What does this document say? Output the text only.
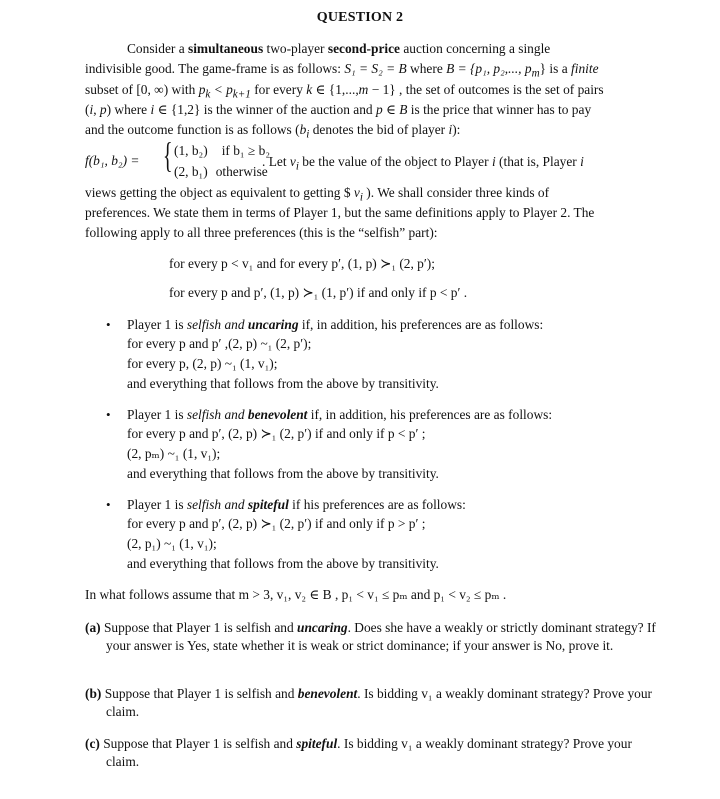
QUESTION 2
Consider a simultaneous two-player second-price auction concerning a single
indivisible good. The game-frame is as follows: S₁ = S₂ = B where B = {p₁, p₂,..., $p_m$} is a finite
subset of [0, ∞) with $p_k < p_{k+1}$ for every k ∈ {1,...,m − 1} , the set of outcomes is the set of pairs
(i, p) where i ∈ {1,2} is the winner of the auction and p ∈ B is the price that winner has to pay
and the outcome function is as follows ($b_i$ denotes the bid of player i):
f(b₁, b₂) = { (1, b₂) if b₁ ≥ b₂
(2, b₁) otherwise
. Let $v_i$ be the value of the object to Player i (that is, Player i
views getting the object as equivalent to getting $ $v_i$ ). We shall consider three kinds of
preferences. We state them in terms of Player 1, but the same definitions apply to Player 2. The
following apply to all three preferences (this is the “selfish” part):
for every p < v₁ and for every p′, (1, p) ≻₁ (2, p′);
for every p and p′, (1, p) ≻₁ (1, p′) if and only if p < p′ .
• Player 1 is selfish and uncaring if, in addition, his preferences are as follows:
for every p and p′ ,(2, p) ~₁ (2, p′);
for every p, (2, p) ~₁ (1, v₁);
and everything that follows from the above by transitivity.
• Player 1 is selfish and benevolent if, in addition, his preferences are as follows:
for every p and p′, (2, p) ≻₁ (2, p′) if and only if p < p′ ;
(2, pₘ) ~₁ (1, v₁);
and everything that follows from the above by transitivity.
• Player 1 is selfish and spiteful if his preferences are as follows:
for every p and p′, (2, p) ≻₁ (2, p′) if and only if p > p′ ;
(2, p₁) ~₁ (1, v₁);
and everything that follows from the above by transitivity.
In what follows assume that m > 3, v₁, v₂ ∈ B , p₁ < v₁ ≤ pₘ and p₁ < v₂ ≤ pₘ .
(a) Suppose that Player 1 is selfish and uncaring. Does she have a weakly or strictly dominant strategy? If your answer is Yes, state whether it is weak or strict dominance; if your answer is No, prove it.
(b) Suppose that Player 1 is selfish and benevolent. Is bidding v₁ a weakly dominant strategy? Prove your claim.
(c) Suppose that Player 1 is selfish and spiteful. Is bidding v₁ a weakly dominant strategy? Prove your claim.
